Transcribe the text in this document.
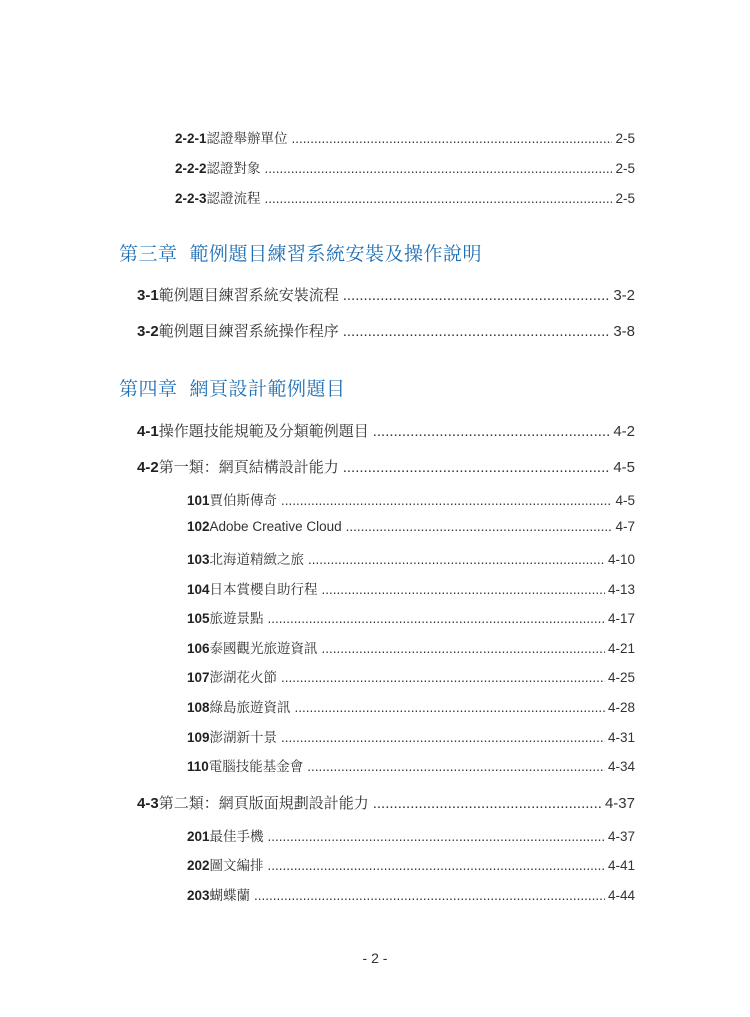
2-2-1 認證舉辦單位 .....	2-5
2-2-2 認證對象 .....	2-5
2-2-3 認證流程 .....	2-5
第三章 範例題目練習系統安裝及操作說明
3-1 範例題目練習系統安裝流程 .....	3-2
3-2 範例題目練習系統操作程序 .....	3-8
第四章 網頁設計範例題目
4-1 操作題技能規範及分類範例題目 .....	4-2
4-2 第一類：網頁結構設計能力 .....	4-5
101 賈伯斯傳奇 .....	4-5
102 Adobe Creative Cloud .....	4-7
103 北海道精緻之旅 .....	4-10
104 日本賞櫻自助行程 .....	4-13
105 旅遊景點 .....	4-17
106 泰國觀光旅遊資訊 .....	4-21
107 澎湖花火節 .....	4-25
108 綠島旅遊資訊 .....	4-28
109 澎湖新十景 .....	4-31
110 電腦技能基金會 .....	4-34
4-3 第二類：網頁版面規劃設計能力 .....	4-37
201 最佳手機 .....	4-37
202 圖文編排 .....	4-41
203 蝴蝶蘭 .....	4-44
- 2 -
